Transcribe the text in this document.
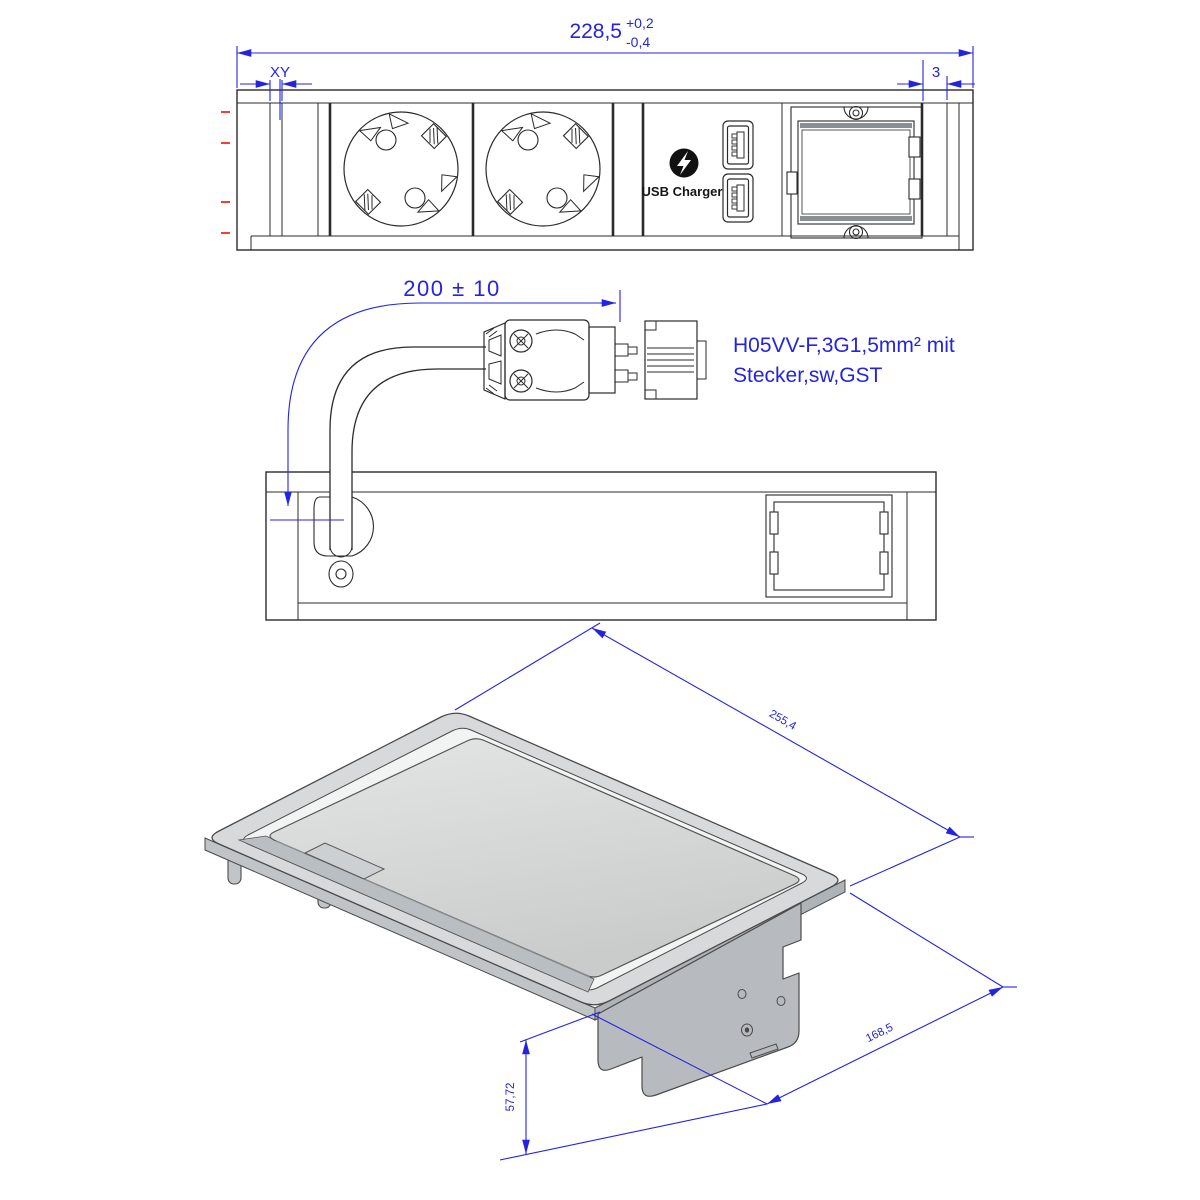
USB Charger
228,5 +0,2
-0,4
XY	3
200 ± 10
H05VV-F,3G1,5mm² mit
Stecker,sw,GST
255,4
168,5
57,72
